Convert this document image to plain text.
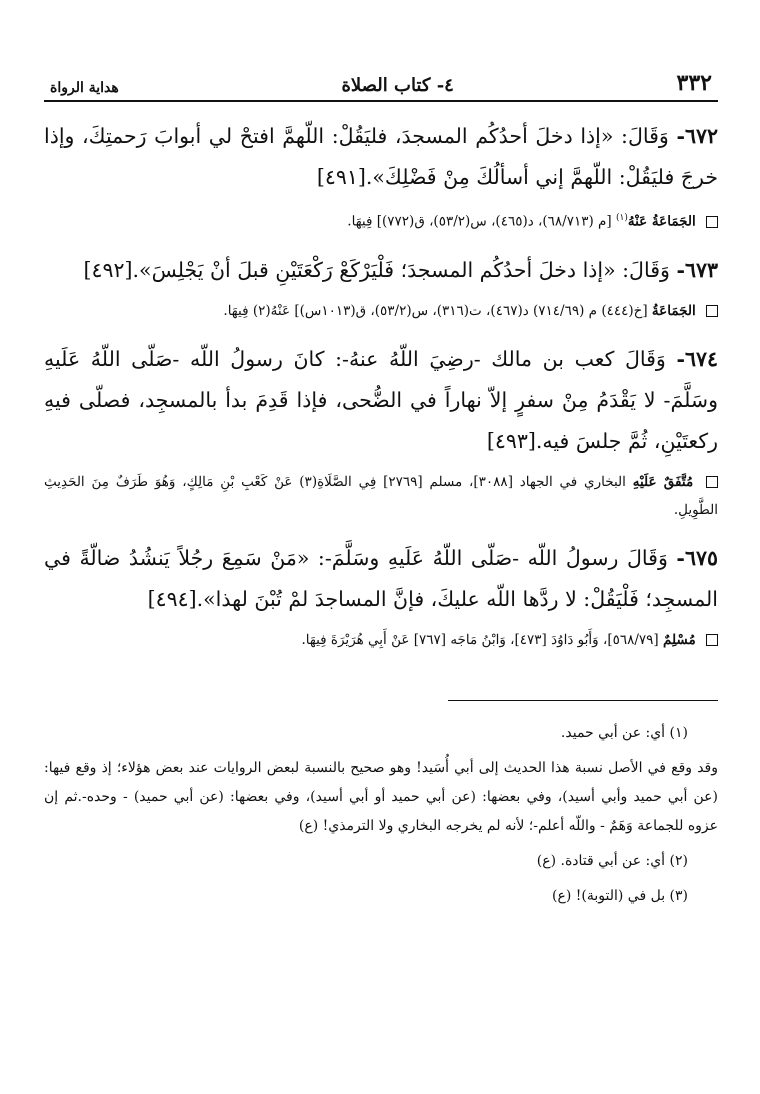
٣٣٢
٤- كتاب الصلاة
هداية الرواة

٦٧٢- وَقَالَ: «إذا دخلَ أحدُكُم المسجدَ، فليَقُلْ: اللّهمَّ افتحْ لي أبوابَ رَحمتِكَ، وإذا خرجَ فليَقُلْ: اللّهمَّ إني أسألُكَ مِنْ فَضْلِكَ».[٤٩١]

الجَمَاعَةُ عَنْهُ$^{(١)}$ [م (٦٨/٧١٣)، د(٤٦٥)، س(٥٣/٢)، ق(٧٧٢)] فِيهَا.

٦٧٣- وَقَالَ: «إذا دخلَ أحدُكُم المسجدَ؛ فَلْيَرْكَعْ رَكْعَتَيْنِ قبلَ أنْ يَجْلِسَ».[٤٩٢]

الجَمَاعَةُ [خ(٤٤٤) م (٧١٤/٦٩) د(٤٦٧)، ت(٣١٦)، س(٥٣/٢)، ق(١٠١٣س)] عَنْهُ(٢) فِيهَا.

٦٧٤- وَقَالَ كعب بن مالك -رضِيَ اللّهُ عنهُ-: كانَ رسولُ اللّه -صَلّى اللّهُ عَلَيهِ وسَلَّمَ- لا يَقْدَمُ مِنْ سفرٍ إلاّ نهاراً في الضُّحى، فإذا قَدِمَ بدأ بالمسجِد، فصلّى فيهِ ركعتَيْنِ، ثُمَّ جلسَ فيه.[٤٩٣]

مُتَّفَقٌ عَلَيْهِ البخاري في الجهاد [٣٠٨٨]، مسلم [٢٧٦٩] فِي الصَّلَاةِ(٣) عَنْ كَعْبِ بْنِ مَالِكٍ، وَهُوَ طَرَفٌ مِنَ الحَدِيثِ الطَّوِيلِ.

٦٧٥- وَقَالَ رسولُ اللّه -صَلّى اللّهُ عَلَيهِ وسَلَّمَ-: «مَنْ سَمِعَ رجُلاً يَنشُدُ ضالّةً في المسجِد؛ فَلْيَقُلْ: لا ردَّها اللّه عليكَ، فإنَّ المساجدَ لمْ تُبْنَ لهذا».[٤٩٤]

مُسْلِمٌ [٥٦٨/٧٩]، وَأَبُو دَاوُدَ [٤٧٣]، وَابْنُ مَاجَه [٧٦٧] عَنْ أَبِي هُرَيْرَةَ فِيهَا.

(١) أي: عن أبي حميد.

وقد وقع في الأصل نسبة هذا الحديث إلى أبي أُسَيد! وهو صحيح بالنسبة لبعض الروايات عند بعض هؤلاء؛ إذ وقع فيها: (عن أبي حميد وأبي أسيد)، وفي بعضها: (عن أبي حميد أو أبي أسيد)، وفي بعضها: (عن أبي حميد) - وحده-.ثم إن عزوه للجماعة وَهَمٌ - واللّه أعلم-؛ لأنه لم يخرجه البخاري ولا الترمذي! (ع)

(٢) أي: عن أبي قتادة. (ع)

(٣) بل في (التوبة)! (ع)
